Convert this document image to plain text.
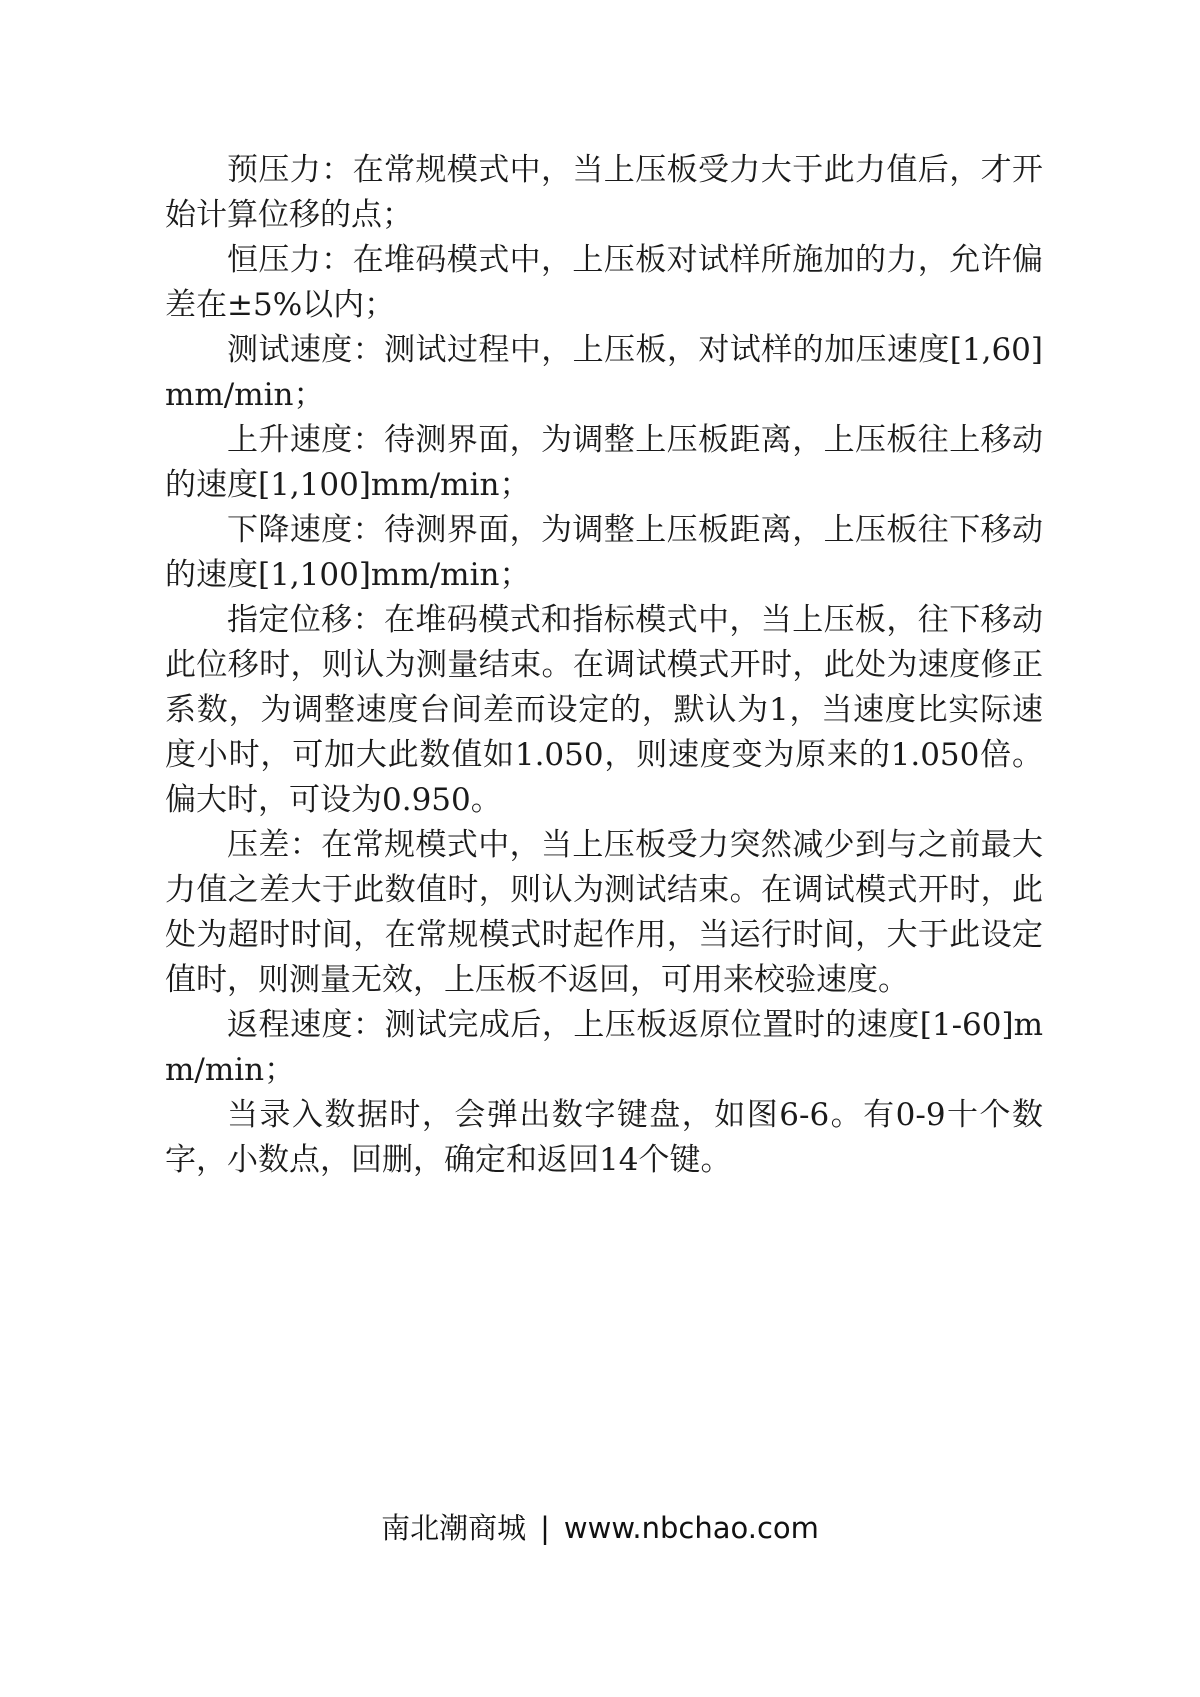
预压力：在常规模式中，当上压板受力大于此力值后，才开始计算位移的点；

恒压力：在堆码模式中，上压板对试样所施加的力，允许偏差在±5%以内；

测试速度：测试过程中，上压板，对试样的加压速度[1,60]mm/min；

上升速度：待测界面，为调整上压板距离，上压板往上移动的速度[1,100]mm/min；

下降速度：待测界面，为调整上压板距离，上压板往下移动的速度[1,100]mm/min；

指定位移：在堆码模式和指标模式中，当上压板，往下移动此位移时，则认为测量结束。在调试模式开时，此处为速度修正系数，为调整速度台间差而设定的，默认为1，当速度比实际速度小时，可加大此数值如1.050，则速度变为原来的1.050倍。偏大时，可设为0.950。

压差：在常规模式中，当上压板受力突然减少到与之前最大力值之差大于此数值时，则认为测试结束。在调试模式开时，此处为超时时间，在常规模式时起作用，当运行时间，大于此设定值时，则测量无效，上压板不返回，可用来校验速度。

返程速度：测试完成后，上压板返原位置时的速度[1-60]mm/min；

当录入数据时，会弹出数字键盘，如图6-6。有0-9十个数字，小数点，回删，确定和返回14个键。

南北潮商城 | www.nbchao.com
